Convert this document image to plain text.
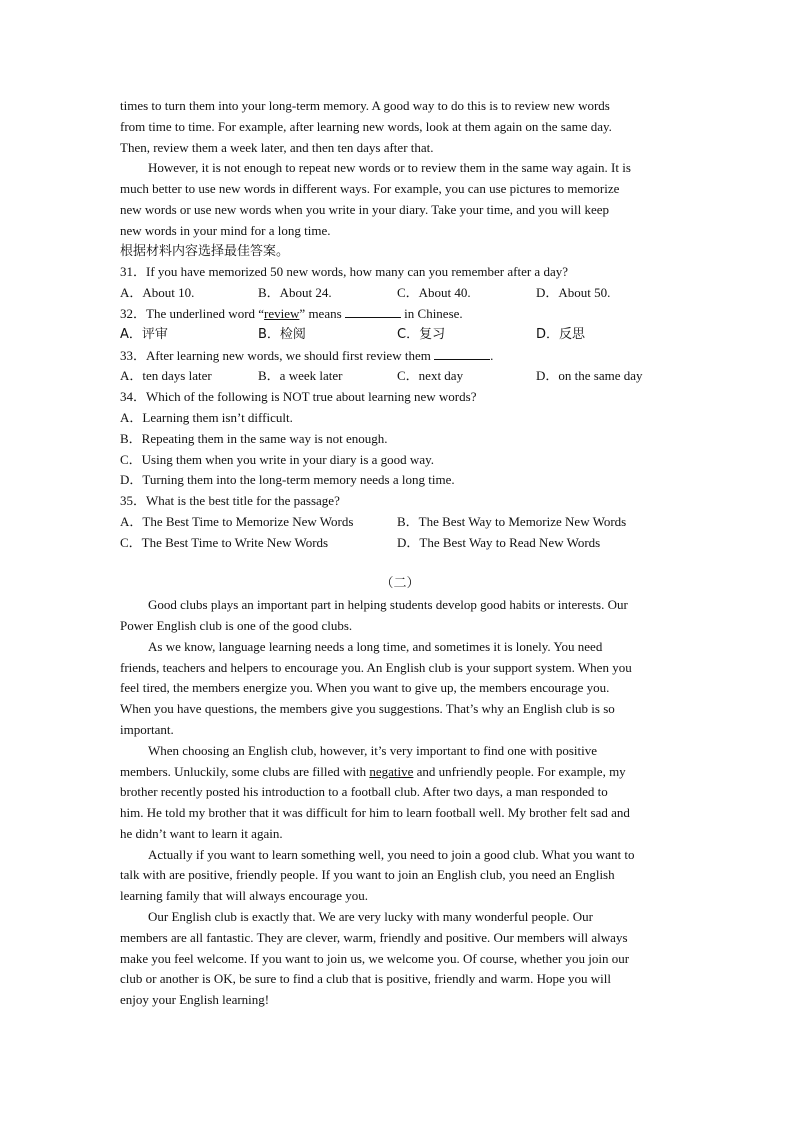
times to turn them into your long-term memory. A good way to do this is to review new words
from time to time. For example, after learning new words, look at them again on the same day.
Then, review them a week later, and then ten days after that.
However, it is not enough to repeat new words or to review them in the same way again. It is
much better to use new words in different ways. For example, you can use pictures to memorize
new words or use new words when you write in your diary. Take your time, and you will keep
new words in your mind for a long time.
根据材料内容选择最佳答案。
31．If you have memorized 50 new words, how many can you remember after a day?
A．About 10.	B．About 24.	C．About 40.	D．About 50.
32．The underlined word “review” means	in Chinese.
A．评审	B．检阅	C．复习	D．反思
33．After learning new words, we should first review them	.
A．ten days later	B．a week later	C．next day	D．on the same day
34．Which of the following is NOT true about learning new words?
A．Learning them isn’t difficult.
B．Repeating them in the same way is not enough.
C．Using them when you write in your diary is a good way.
D．Turning them into the long-term memory needs a long time.
35．What is the best title for the passage?
A．The Best Time to Memorize New Words	B．The Best Way to Memorize New Words
C．The Best Time to Write New Words	D．The Best Way to Read New Words
（二）
Good clubs plays an important part in helping students develop good habits or interests. Our
Power English club is one of the good clubs.
As we know, language learning needs a long time, and sometimes it is lonely. You need
friends, teachers and helpers to encourage you. An English club is your support system. When you
feel tired, the members energize you. When you want to give up, the members encourage you.
When you have questions, the members give you suggestions. That’s why an English club is so
important.
When choosing an English club, however, it’s very important to find one with positive
members. Unluckily, some clubs are filled with negative and unfriendly people. For example, my
brother recently posted his introduction to a football club. After two days, a man responded to
him. He told my brother that it was difficult for him to learn football well. My brother felt sad and
he didn’t want to learn it again.
Actually if you want to learn something well, you need to join a good club. What you want to
talk with are positive, friendly people. If you want to join an English club, you need an English
learning family that will always encourage you.
Our English club is exactly that. We are very lucky with many wonderful people. Our
members are all fantastic. They are clever, warm, friendly and positive. Our members will always
make you feel welcome. If you want to join us, we welcome you. Of course, whether you join our
club or another is OK, be sure to find a club that is positive, friendly and warm. Hope you will
enjoy your English learning!
